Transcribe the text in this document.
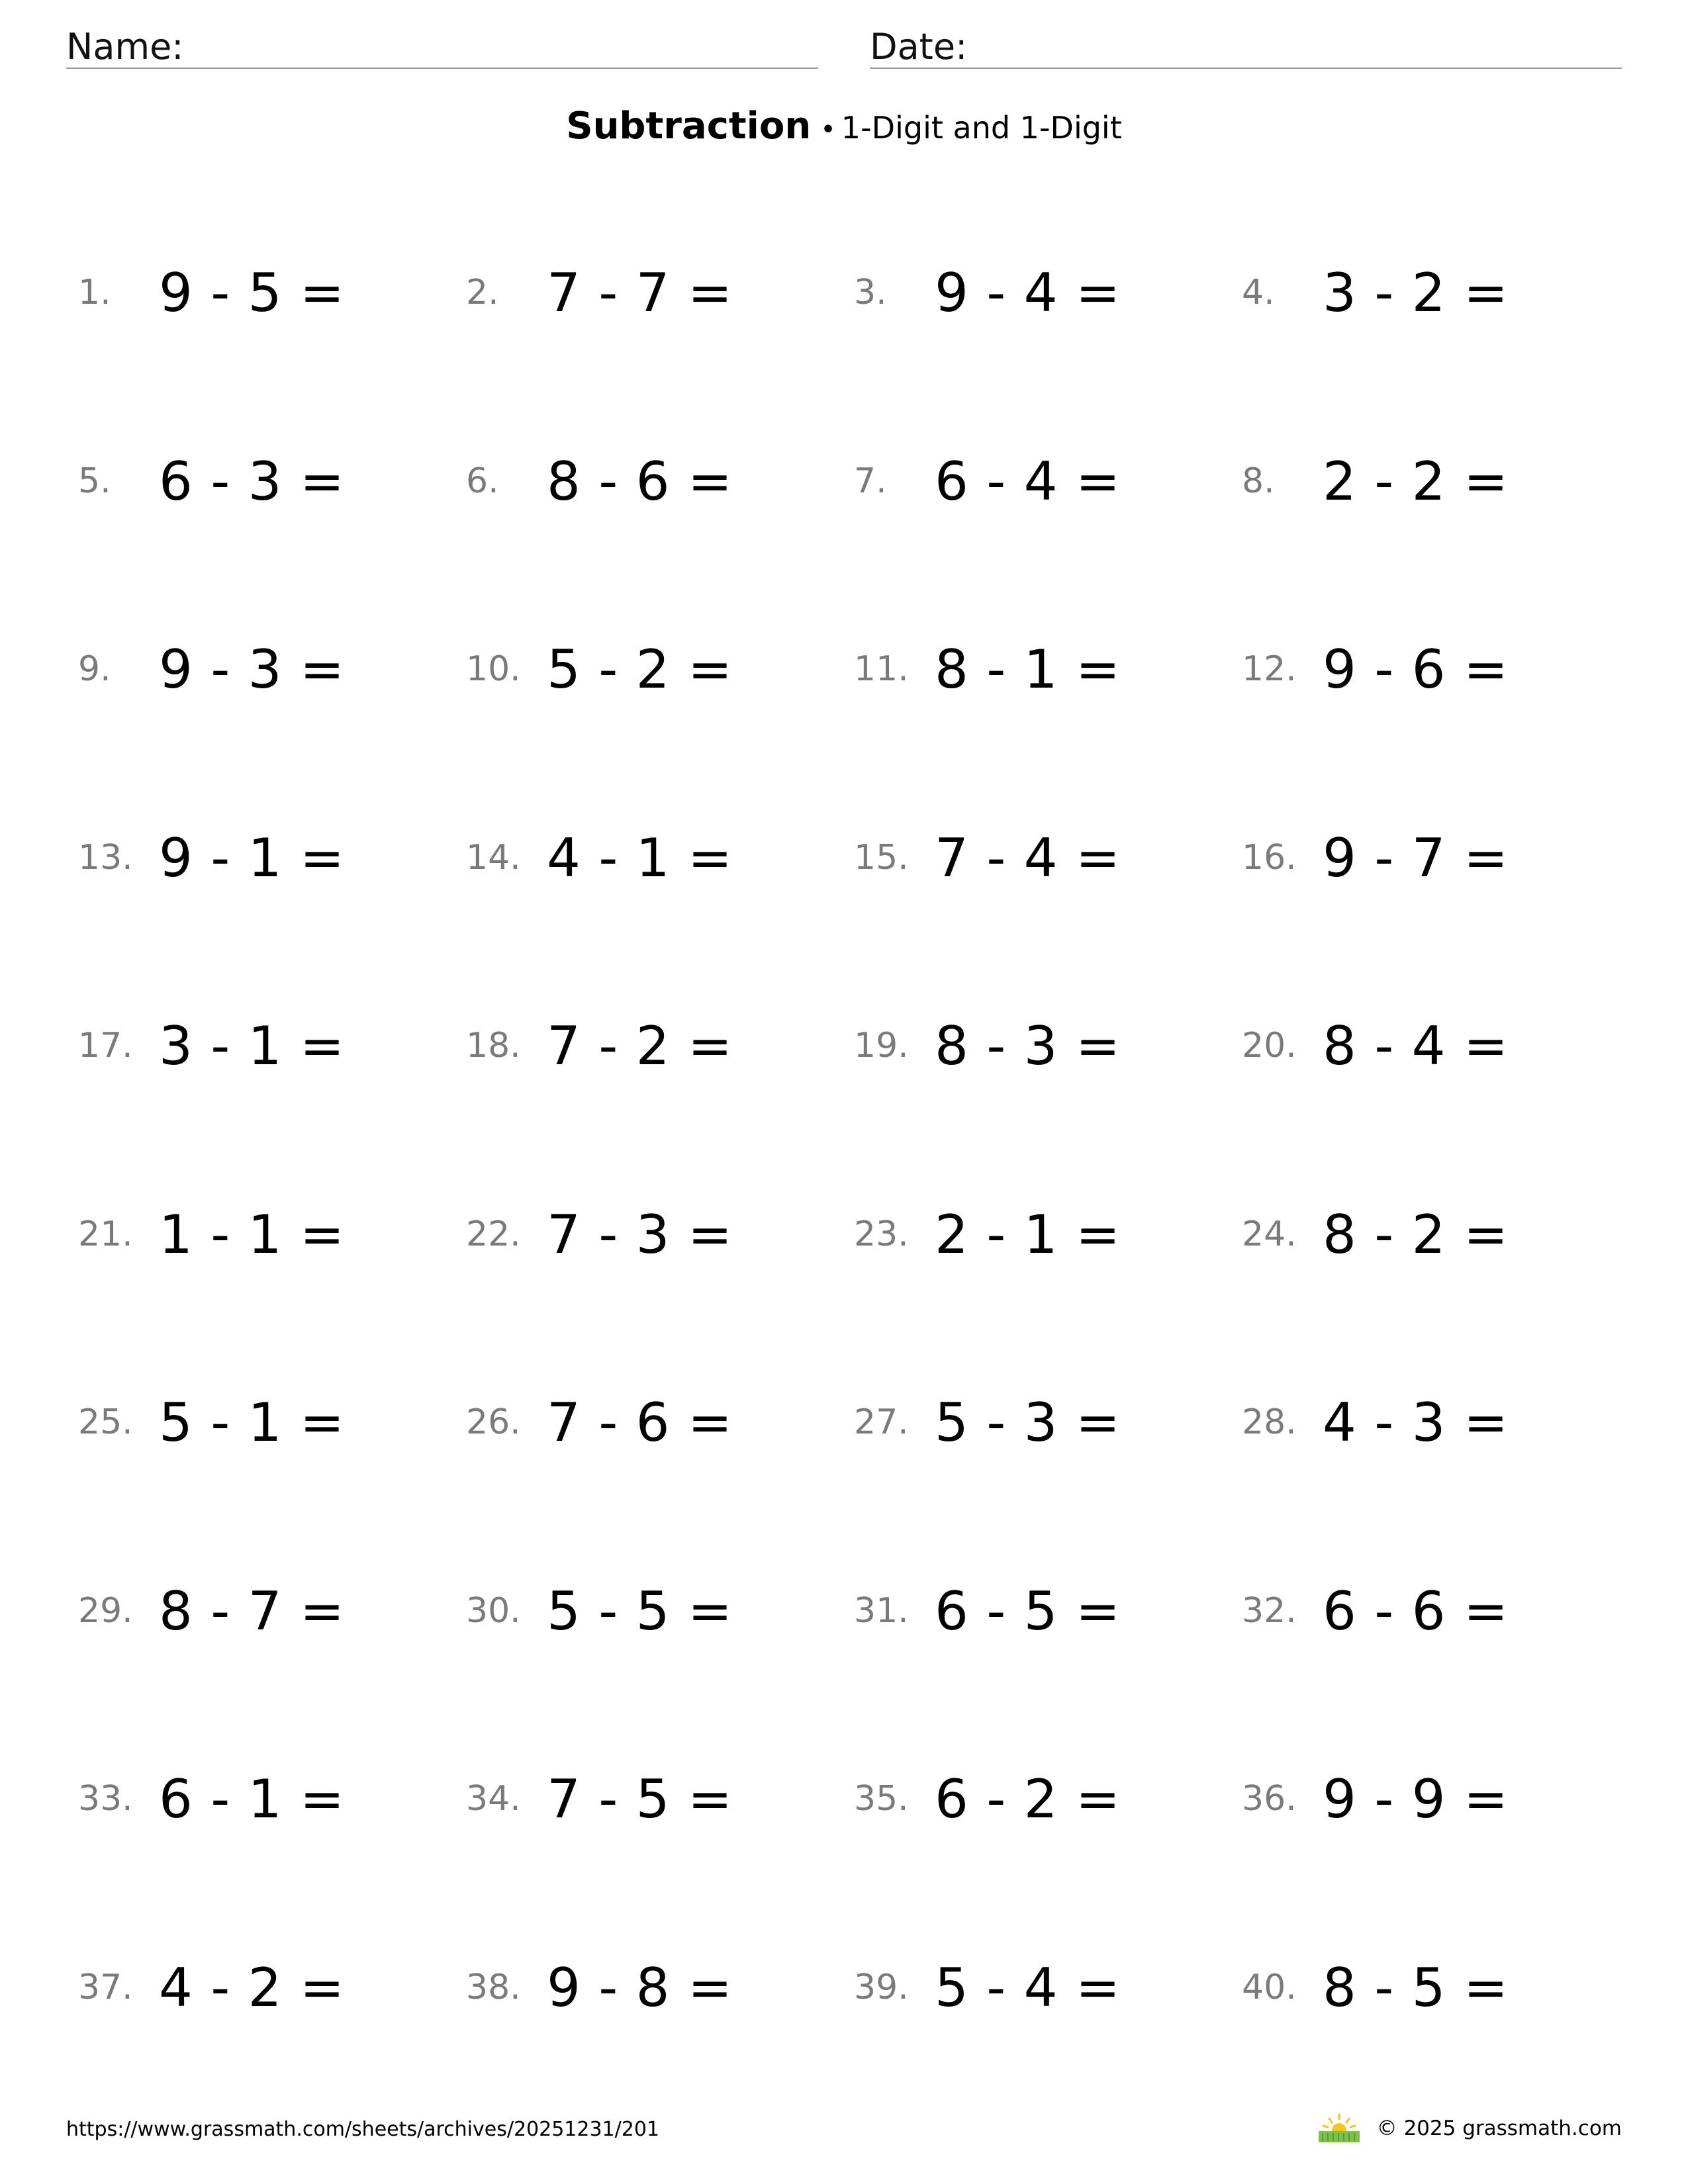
Name:	Date:
Subtraction • 1-Digit and 1-Digit
1. 9 - 5 =	2. 7 - 7 =	3. 9 - 4 =	4. 3 - 2 =
5. 6 - 3 =	6. 8 - 6 =	7. 6 - 4 =	8. 2 - 2 =
9. 9 - 3 =	10. 5 - 2 =	11. 8 - 1 =	12. 9 - 6 =
13. 9 - 1 =	14. 4 - 1 =	15. 7 - 4 =	16. 9 - 7 =
17. 3 - 1 =	18. 7 - 2 =	19. 8 - 3 =	20. 8 - 4 =
21. 1 - 1 =	22. 7 - 3 =	23. 2 - 1 =	24. 8 - 2 =
25. 5 - 1 =	26. 7 - 6 =	27. 5 - 3 =	28. 4 - 3 =
29. 8 - 7 =	30. 5 - 5 =	31. 6 - 5 =	32. 6 - 6 =
33. 6 - 1 =	34. 7 - 5 =	35. 6 - 2 =	36. 9 - 9 =
37. 4 - 2 =	38. 9 - 8 =	39. 5 - 4 =	40. 8 - 5 =
https://www.grassmath.com/sheets/archives/20251231/201	© 2025 grassmath.com
